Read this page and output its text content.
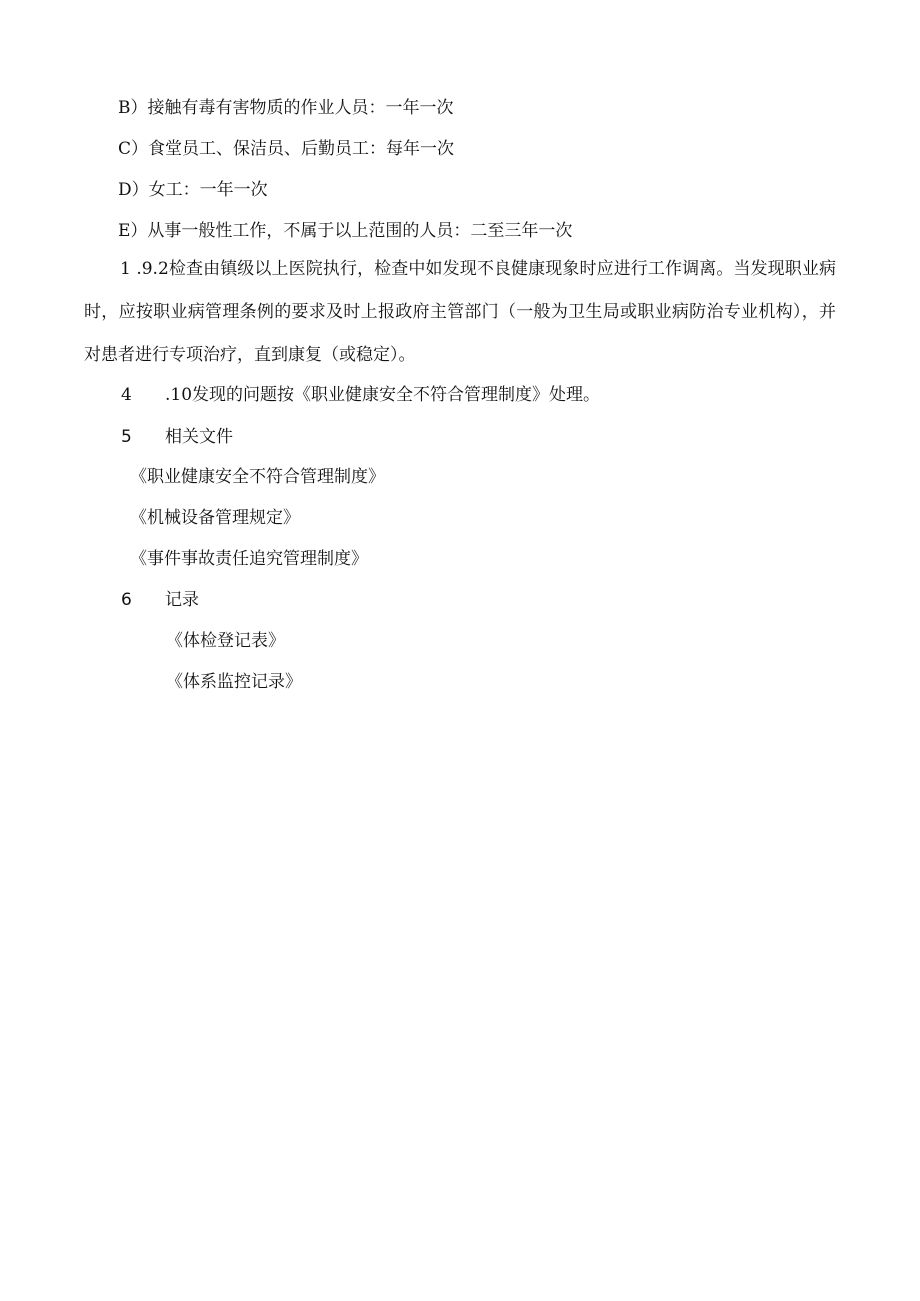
B）接触有毒有害物质的作业人员：一年一次
C）食堂员工、保洁员、后勤员工：每年一次
D）女工：一年一次
E）从事一般性工作，不属于以上范围的人员：二至三年一次
1 .9.2检查由镇级以上医院执行，检查中如发现不良健康现象时应进行工作调离。当发现职业病时，应按职业病管理条例的要求及时上报政府主管部门（一般为卫生局或职业病防治专业机构），并对患者进行专项治疗，直到康复（或稳定）。
4 .10发现的问题按《职业健康安全不符合管理制度》处理。
5 相关文件
《职业健康安全不符合管理制度》
《机械设备管理规定》
《事件事故责任追究管理制度》
6 记录
《体检登记表》
《体系监控记录》
